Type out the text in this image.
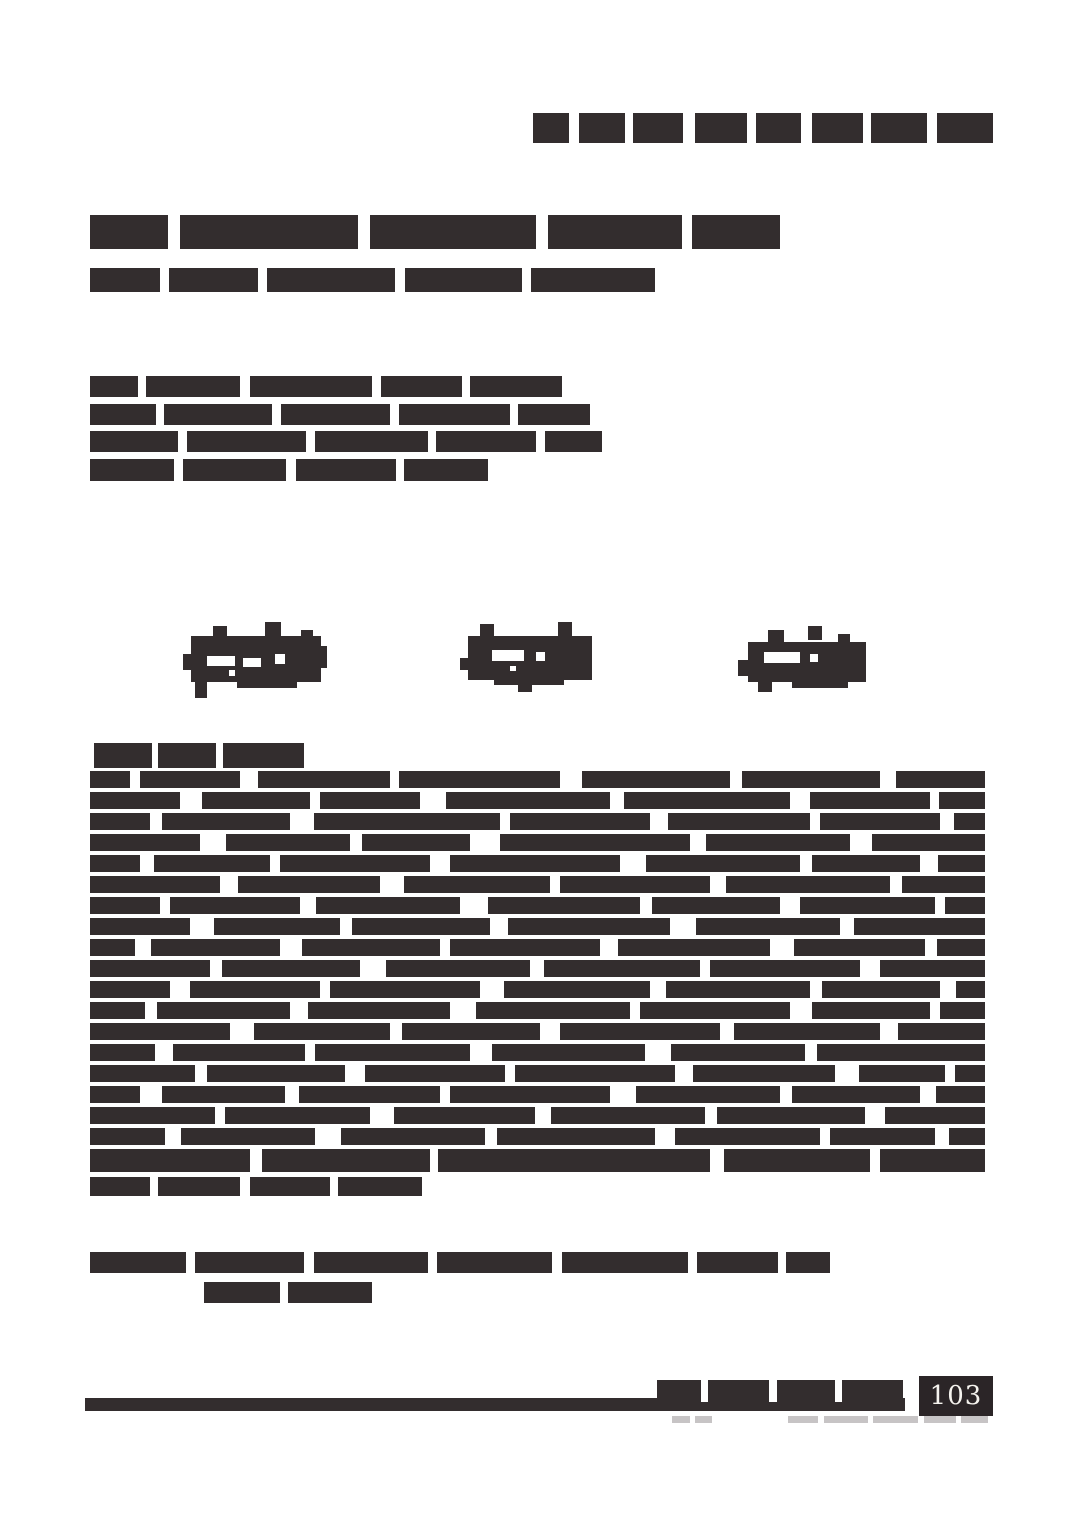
103
